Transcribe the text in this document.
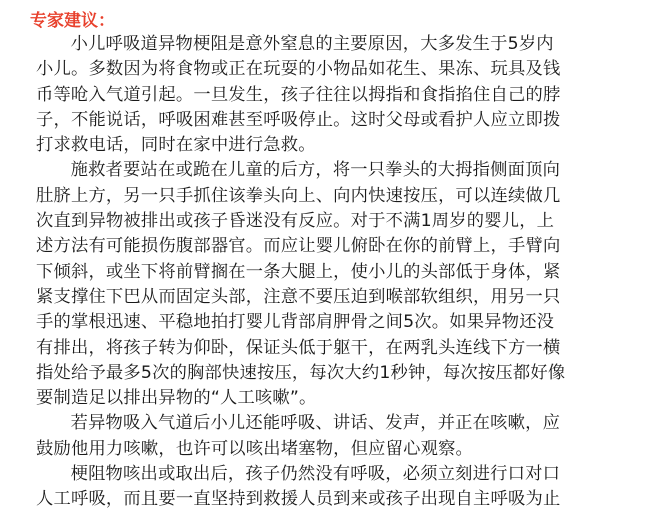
专家建议：
小儿呼吸道异物梗阻是意外窒息的主要原因，大多发生于5岁内
小儿。多数因为将食物或正在玩耍的小物品如花生、果冻、玩具及钱
币等呛入气道引起。一旦发生，孩子往往以拇指和食指掐住自己的脖
子，不能说话，呼吸困难甚至呼吸停止。这时父母或看护人应立即拨
打求救电话，同时在家中进行急救。
施救者要站在或跪在儿童的后方，将一只拳头的大拇指侧面顶向
肚脐上方，另一只手抓住该拳头向上、向内快速按压，可以连续做几
次直到异物被排出或孩子昏迷没有反应。对于不满1周岁的婴儿，上
述方法有可能损伤腹部器官。而应让婴儿俯卧在你的前臂上，手臂向
下倾斜，或坐下将前臂搁在一条大腿上，使小儿的头部低于身体，紧
紧支撑住下巴从而固定头部，注意不要压迫到喉部软组织，用另一只
手的掌根迅速、平稳地拍打婴儿背部肩胛骨之间5次。如果异物还没
有排出，将孩子转为仰卧，保证头低于躯干，在两乳头连线下方一横
指处给予最多5次的胸部快速按压，每次大约1秒钟，每次按压都好像
要制造足以排出异物的“人工咳嗽”。
若异物吸入气道后小儿还能呼吸、讲话、发声，并正在咳嗽，应
鼓励他用力咳嗽，也许可以咳出堵塞物，但应留心观察。
梗阻物咳出或取出后，孩子仍然没有呼吸，必须立刻进行口对口
人工呼吸，而且要一直坚持到救援人员到来或孩子出现自主呼吸为止
